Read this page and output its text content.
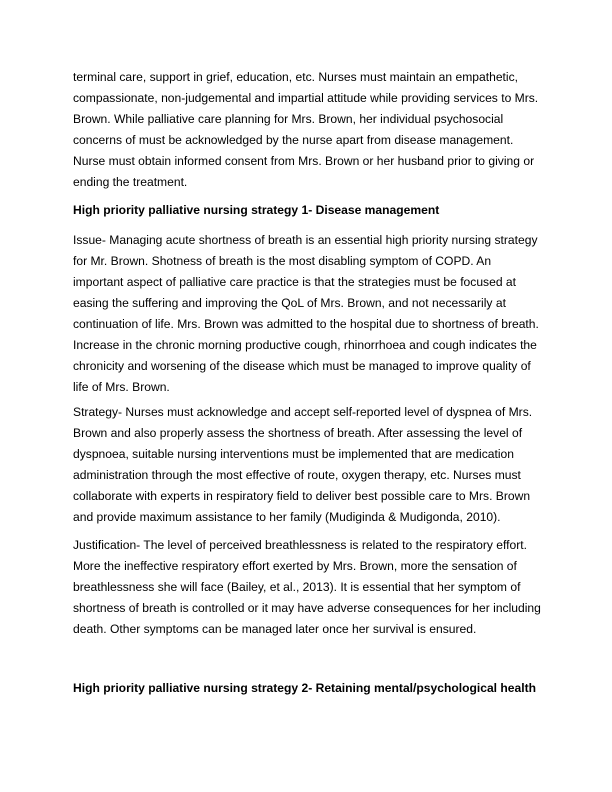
terminal care, support in grief, education, etc. Nurses must maintain an empathetic,
compassionate, non-judgemental and impartial attitude while providing services to Mrs.
Brown. While palliative care planning for Mrs. Brown, her individual psychosocial
concerns of must be acknowledged by the nurse apart from disease management.
Nurse must obtain informed consent from Mrs. Brown or her husband prior to giving or
ending the treatment.
High priority palliative nursing strategy 1- Disease management
Issue- Managing acute shortness of breath is an essential high priority nursing strategy
for Mr. Brown. Shotness of breath is the most disabling symptom of COPD. An
important aspect of palliative care practice is that the strategies must be focused at
easing the suffering and improving the QoL of Mrs. Brown, and not necessarily at
continuation of life. Mrs. Brown was admitted to the hospital due to shortness of breath.
Increase in the chronic morning productive cough, rhinorrhoea and cough indicates the
chronicity and worsening of the disease which must be managed to improve quality of
life of Mrs. Brown.
Strategy- Nurses must acknowledge and accept self-reported level of dyspnea of Mrs.
Brown and also properly assess the shortness of breath. After assessing the level of
dyspnoea, suitable nursing interventions must be implemented that are medication
administration through the most effective of route, oxygen therapy, etc. Nurses must
collaborate with experts in respiratory field to deliver best possible care to Mrs. Brown
and provide maximum assistance to her family (Mudiginda & Mudigonda, 2010).
Justification- The level of perceived breathlessness is related to the respiratory effort.
More the ineffective respiratory effort exerted by Mrs. Brown, more the sensation of
breathlessness she will face (Bailey, et al., 2013). It is essential that her symptom of
shortness of breath is controlled or it may have adverse consequences for her including
death. Other symptoms can be managed later once her survival is ensured.
High priority palliative nursing strategy 2- Retaining mental/psychological health
